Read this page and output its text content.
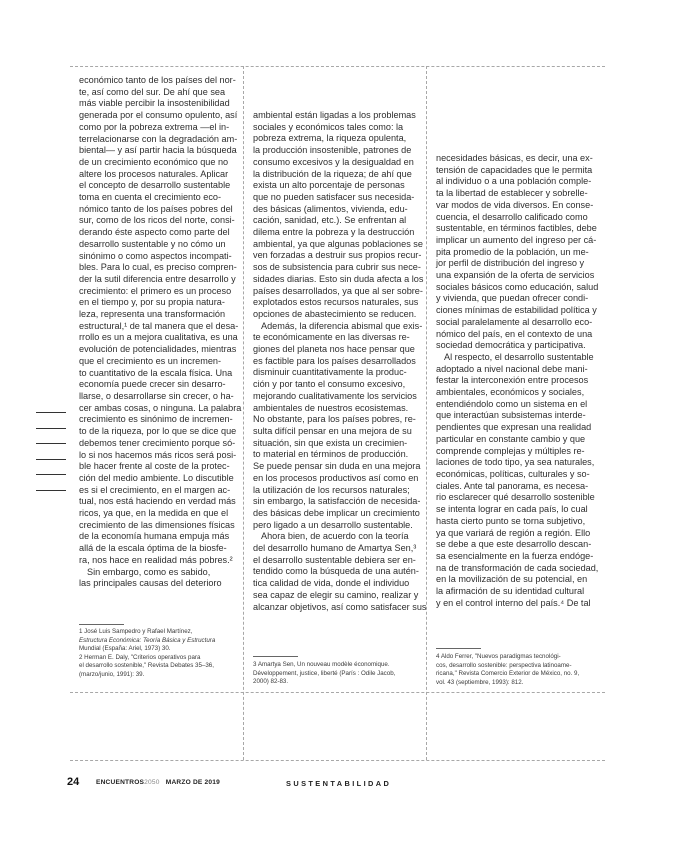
económico tanto de los países del nor-

te, así como del sur. De ahí que sea

más viable percibir la insostenibilidad

generada por el consumo opulento, así

como por la pobreza extrema —el in-

terrelacionarse con la degradación am-

biental— y así partir hacia la búsqueda

de un crecimiento económico que no

altere los procesos naturales. Aplicar

el concepto de desarrollo sustentable

toma en cuenta el crecimiento eco-

nómico tanto de los países pobres del

sur, como de los ricos del norte, consi-

derando éste aspecto como parte del

desarrollo sustentable y no cómo un

sinónimo o como aspectos incompati-

bles. Para lo cual, es preciso compren-

der la sutil diferencia entre desarrollo y

crecimiento: el primero es un proceso

en el tiempo y, por su propia natura-

leza, representa una transformación

estructural,¹ de tal manera que el desa-

rrollo es un a mejora cualitativa, es una

evolución de potencialidades, mientras

que el crecimiento es un incremen-

to cuantitativo de la escala física. Una

economía puede crecer sin desarro-

llarse, o desarrollarse sin crecer, o ha-

cer ambas cosas, o ninguna. La palabra

crecimiento es sinónimo de incremen-

to de la riqueza, por lo que se dice que

debemos tener crecimiento porque só-

lo si nos hacemos más ricos será posi-

ble hacer frente al coste de la protec-

ción del medio ambiente. Lo discutible

es si el crecimiento, en el margen ac-

tual, nos está haciendo en verdad más

ricos, ya que, en la medida en que el

crecimiento de las dimensiones físicas

de la economía humana empuja más

allá de la escala óptima de la biosfe-

ra, nos hace en realidad más pobres.²

Sin embargo, como es sabido,

las principales causas del deterioro

ambiental están ligadas a los problemas

sociales y económicos tales como: la

pobreza extrema, la riqueza opulenta,

la producción insostenible, patrones de

consumo excesivos y la desigualdad en

la distribución de la riqueza; de ahí que

exista un alto porcentaje de personas

que no pueden satisfacer sus necesida-

des básicas (alimentos, vivienda, edu-

cación, sanidad, etc.). Se enfrentan al

dilema entre la pobreza y la destrucción

ambiental, ya que algunas poblaciones se

ven forzadas a destruir sus propios recur-

sos de subsistencia para cubrir sus nece-

sidades diarias. Esto sin duda afecta a los

países desarrollados, ya que al ser sobre-

explotados estos recursos naturales, sus

opciones de abastecimiento se reducen.

Además, la diferencia abismal que exis-

te económicamente en las diversas re-

giones del planeta nos hace pensar que

es factible para los países desarrollados

disminuir cuantitativamente la produc-

ción y por tanto el consumo excesivo,

mejorando cualitativamente los servicios

ambientales de nuestros ecosistemas.

No obstante, para los países pobres, re-

sulta difícil pensar en una mejora de su

situación, sin que exista un crecimien-

to material en términos de producción.

Se puede pensar sin duda en una mejora

en los procesos productivos así como en

la utilización de los recursos naturales;

sin embargo, la satisfacción de necesida-

des básicas debe implicar un crecimiento

pero ligado a un desarrollo sustentable.

Ahora bien, de acuerdo con la teoría

del desarrollo humano de Amartya Sen,³

el desarrollo sustentable debiera ser en-

tendido como la búsqueda de una autén-

tica calidad de vida, donde el individuo

sea capaz de elegir su camino, realizar y

alcanzar objetivos, así como satisfacer sus

necesidades básicas, es decir, una ex-

tensión de capacidades que le permita

al individuo o a una población comple-

ta la libertad de establecer y sobrelle-

var modos de vida diversos. En conse-

cuencia, el desarrollo calificado como

sustentable, en términos factibles, debe

implicar un aumento del ingreso per cá-

pita promedio de la población, un me-

jor perfil de distribución del ingreso y

una expansión de la oferta de servicios

sociales básicos como educación, salud

y vivienda, que puedan ofrecer condi-

ciones mínimas de estabilidad política y

social paralelamente al desarrollo eco-

nómico del país, en el contexto de una

sociedad democrática y participativa.

Al respecto, el desarrollo sustentable

adoptado a nivel nacional debe mani-

festar la interconexión entre procesos

ambientales, económicos y sociales,

entendiéndolo como un sistema en el

que interactúan subsistemas interde-

pendientes que expresan una realidad

particular en constante cambio y que

comprende complejas y múltiples re-

laciones de todo tipo, ya sea naturales,

económicas, políticas, culturales y so-

ciales. Ante tal panorama, es necesa-

rio esclarecer qué desarrollo sostenible

se intenta lograr en cada país, lo cual

hasta cierto punto se torna subjetivo,

ya que variará de región a región. Ello

se debe a que este desarrollo descan-

sa esencialmente en la fuerza endóge-

na de transformación de cada sociedad,

en la movilización de su potencial, en

la afirmación de su identidad cultural

y en el control interno del país.⁴ De tal

1 José Luis Sampedro y Rafael Martínez,

Estructura Económica: Teoría Básica y Estructura

Mundial (España: Ariel, 1973) 30.

2 Herman E. Daly, "Criterios operativos para

el desarrollo sostenible," Revista Debates 35–36,

(marzo/junio, 1991): 39.

3 Amartya Sen, Un nouveau modèle économique.

Développement, justice, liberté (París : Odile Jacob,

2000) 82-83.

4 Aldo Ferrer, "Nuevos paradigmas tecnológi-

cos, desarrollo sostenible: perspectiva latinoame-

ricana," Revista Comercio Exterior de México, no. 9,

vol. 43 (septiembre, 1993): 812.

24	ENCUENTROS2050 MARZO DE 2019	SUSTENTABILIDAD
